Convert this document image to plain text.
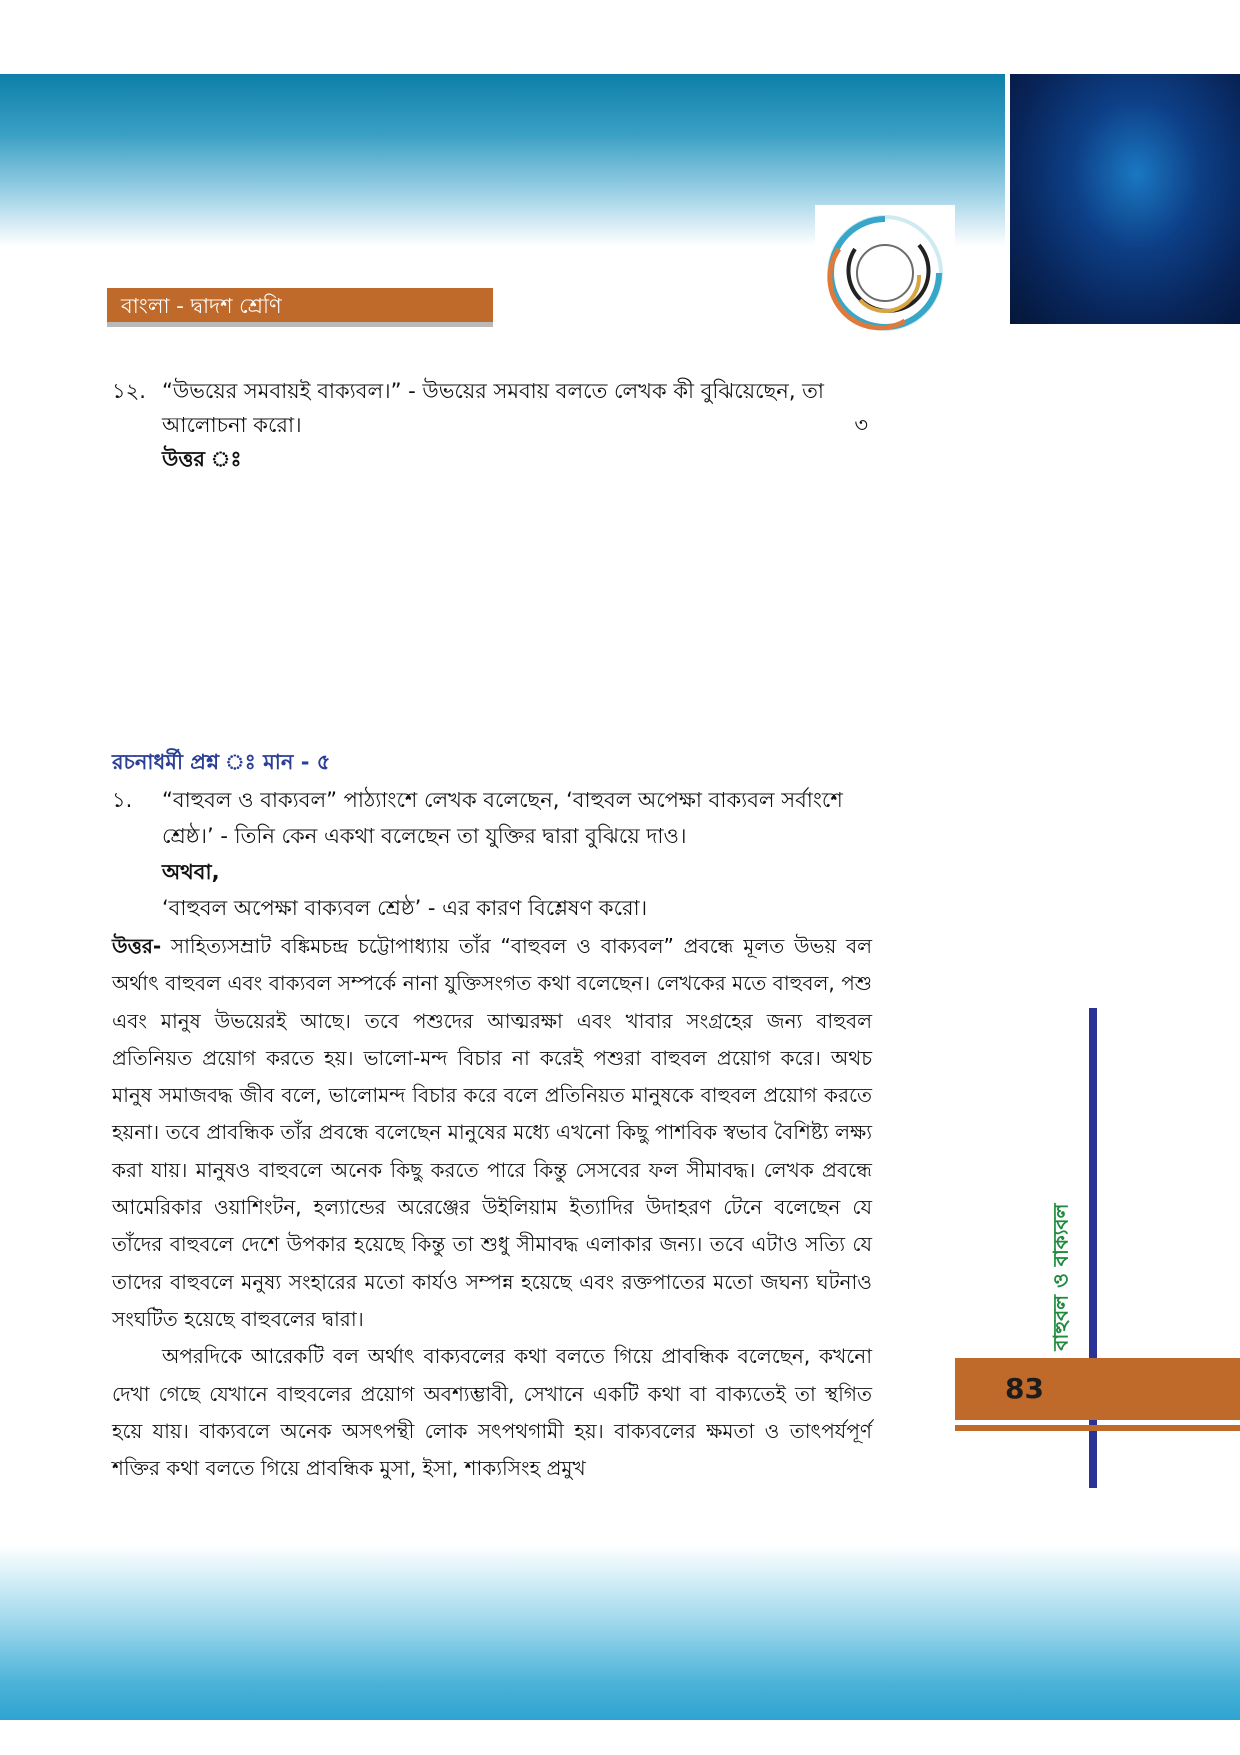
বাংলা - দ্বাদশ শ্রেণি
১২. “উভয়ের সমবায়ই বাক্যবল।” - উভয়ের সমবায় বলতে লেখক কী বুঝিয়েছেন, তা আলোচনা করো।
উত্তর ঃ
৩
রচনাধর্মী প্রশ্ন ঃ মান - ৫
১. “বাহুবল ও বাক্যবল” পাঠ্যাংশে লেখক বলেছেন, ‘বাহুবল অপেক্ষা বাক্যবল সর্বাংশে শ্রেষ্ঠ।’ - তিনি কেন একথা বলেছেন তা যুক্তির দ্বারা বুঝিয়ে দাও।
অথবা,
‘বাহুবল অপেক্ষা বাক্যবল শ্রেষ্ঠ’ - এর কারণ বিশ্লেষণ করো।

উত্তর- সাহিত্যসম্রাট বঙ্কিমচন্দ্র চট্টোপাধ্যায় তাঁর “বাহুবল ও বাক্যবল” প্রবন্ধে মূলত উভয় বল অর্থাৎ বাহুবল এবং বাক্যবল সম্পর্কে নানা যুক্তিসংগত কথা বলেছেন। লেখকের মতে বাহুবল, পশু এবং মানুষ উভয়েরই আছে। তবে পশুদের আত্মরক্ষা এবং খাবার সংগ্রহের জন্য বাহুবল প্রতিনিয়ত প্রয়োগ করতে হয়। ভালো-মন্দ বিচার না করেই পশুরা বাহুবল প্রয়োগ করে। অথচ মানুষ সমাজবদ্ধ জীব বলে, ভালোমন্দ বিচার করে বলে প্রতিনিয়ত মানুষকে বাহুবল প্রয়োগ করতে হয়না। তবে প্রাবন্ধিক তাঁর প্রবন্ধে বলেছেন মানুষের মধ্যে এখনো কিছু পাশবিক স্বভাব বৈশিষ্ট্য লক্ষ্য করা যায়। মানুষও বাহুবলে অনেক কিছু করতে পারে কিন্তু সেসবের ফল সীমাবদ্ধ। লেখক প্রবন্ধে আমেরিকার ওয়াশিংটন, হল্যান্ডের অরেঞ্জের উইলিয়াম ইত্যাদির উদাহরণ টেনে বলেছেন যে তাঁদের বাহুবলে দেশে উপকার হয়েছে কিন্তু তা শুধু সীমাবদ্ধ এলাকার জন্য। তবে এটাও সত্যি যে তাদের বাহুবলে মনুষ্য সংহারের মতো কার্যও সম্পন্ন হয়েছে এবং রক্তপাতের মতো জঘন্য ঘটনাও সংঘটিত হয়েছে বাহুবলের দ্বারা।

অপরদিকে আরেকটি বল অর্থাৎ বাক্যবলের কথা বলতে গিয়ে প্রাবন্ধিক বলেছেন, কখনো দেখা গেছে যেখানে বাহুবলের প্রয়োগ অবশ্যম্ভাবী, সেখানে একটি কথা বা বাক্যতেই তা স্থগিত হয়ে যায়। বাক্যবলে অনেক অসৎপন্থী লোক সৎপথগামী হয়। বাক্যবলের ক্ষমতা ও তাৎপর্যপূর্ণ শক্তির কথা বলতে গিয়ে প্রাবন্ধিক মুসা, ইসা, শাক্যসিংহ প্রমুখ

বাহুবল ও বাক্যবল
83
